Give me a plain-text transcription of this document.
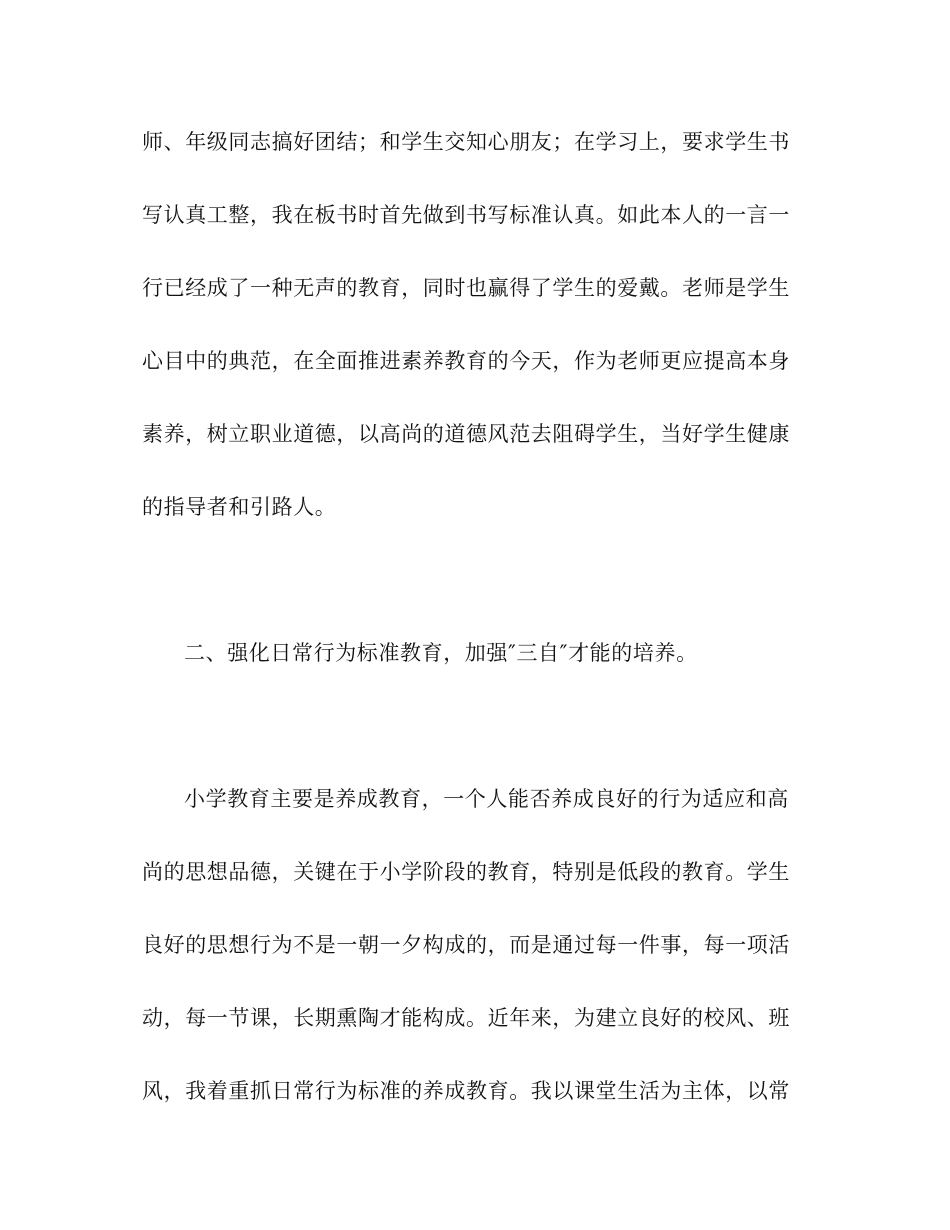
师、年级同志搞好团结；和学生交知心朋友；在学习上，要求学生书
写认真工整，我在板书时首先做到书写标准认真。如此本人的一言一
行已经成了一种无声的教育，同时也赢得了学生的爱戴。老师是学生
心目中的典范，在全面推进素养教育的今天，作为老师更应提高本身
素养，树立职业道德，以高尚的道德风范去阻碍学生，当好学生健康
的指导者和引路人。
二、强化日常行为标准教育，加强″三自″才能的培养。
小学教育主要是养成教育，一个人能否养成良好的行为适应和高
尚的思想品德，关键在于小学阶段的教育，特别是低段的教育。学生
良好的思想行为不是一朝一夕构成的，而是通过每一件事，每一项活
动，每一节课，长期熏陶才能构成。近年来，为建立良好的校风、班
风，我着重抓日常行为标准的养成教育。我以课堂生活为主体，以常
